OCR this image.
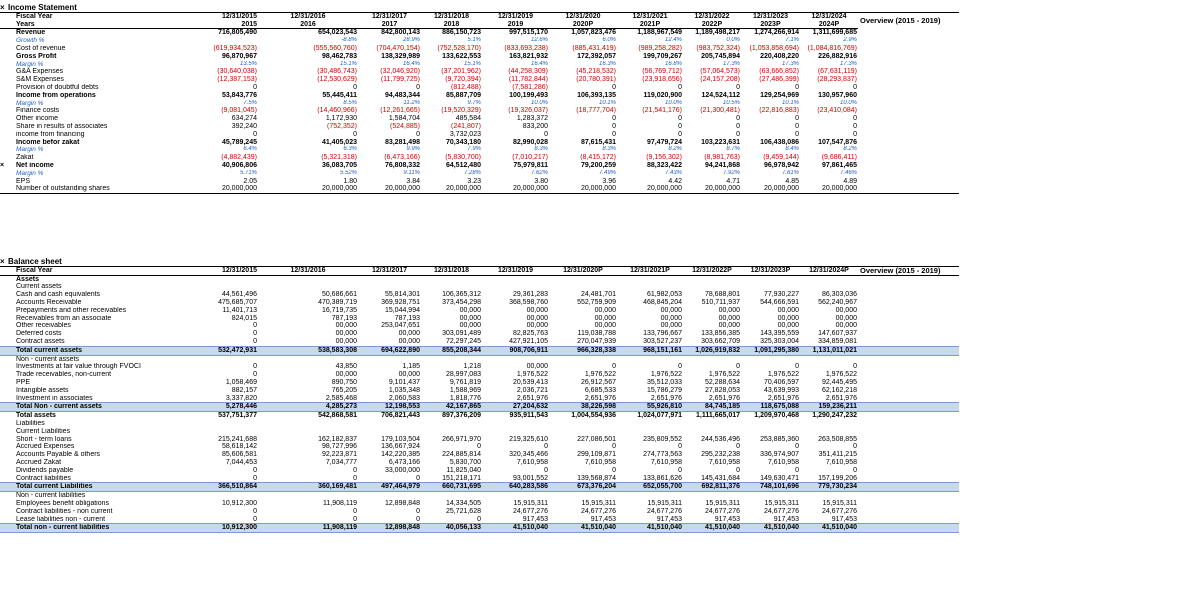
×	Income Statement											
	Fiscal Year	12/31/2015	12/31/2016	12/31/2017	12/31/2018	12/31/2019	12/31/2020	12/31/2021	12/31/2022	12/31/2023	12/31/2024	Overview (2015 - 2019)
	Years	2015	2016	2017	2018	2019	2020P	2021P	2022P	2023P	2024P	
	Revenue	716,805,490	654,023,543	842,800,143	886,150,723	997,515,170	1,057,823,476	1,188,967,549	1,189,498,217	1,274,266,914	1,311,699,685	
	Growth %		-8.8%	28.9%	5.1%	12.6%	6.0%	12.4%	0.0%	7.1%	2.9%	
	Cost of revenue	(619,934,523)	(555,560,760)	(704,470,154)	(752,528,170)	(833,693,238)	(885,431,419)	(989,258,282)	(983,752,324)	(1,053,858,694)	(1,084,816,769)	
	Gross Profit	96,870,967	98,462,783	138,329,989	133,622,553	163,821,932	172,392,057	199,709,267	205,745,894	220,408,220	226,882,916	
	Margin %	13.5%	15.1%	16.4%	15.1%	16.4%	16.3%	16.8%	17.3%	17.3%	17.3%	
	G&A Expenses	(30,640,038)	(30,486,743)	(32,046,920)	(37,201,962)	(44,258,309)	(45,218,532)	(56,769,712)	(57,064,573)	(63,666,852)	(67,631,119)	
	S&M Expenses	(12,387,153)	(12,530,629)	(11,799,725)	(9,720,394)	(11,782,844)	(20,780,391)	(23,918,656)	(24,157,208)	(27,486,399)	(28,293,837)	
	Provision of doubtful debts	0	0	0	(812,488)	(7,581,286)	0	0	0	0	0	
	Income from operations	53,843,776	55,445,411	94,483,344	85,887,709	100,199,493	106,393,135	119,020,900	124,524,112	129,254,969	130,957,960	
	Margin %	7.5%	8.5%	11.2%	9.7%	10.0%	10.1%	10.0%	10.5%	10.1%	10.0%	
	Finance costs	(9,081,045)	(14,460,966)	(12,261,665)	(19,520,329)	(19,326,037)	(18,777,704)	(21,541,176)	(21,300,481)	(22,816,883)	(23,410,084)	
	Other income	634,274	1,172,930	1,584,704	485,584	1,283,372	0	0	0	0	0	
	Share in results of associates	392,240	(752,352)	(524,885)	(241,807)	833,200	0	0	0	0	0	
	income from financing	0	0	0	3,732,023	0	0	0	0	0	0	
	Income befor zakat	45,789,245	41,405,023	83,281,498	70,343,180	82,990,028	87,615,431	97,479,724	103,223,631	106,438,086	107,547,876	
	Margin %	6.4%	6.3%	9.9%	7.9%	8.3%	8.3%	8.2%	8.7%	8.4%	8.2%	
	Zakat	(4,882,439)	(5,321,318)	(6,473,166)	(5,830,700)	(7,010,217)	(8,415,172)	(9,156,302)	(8,981,763)	(9,459,144)	(9,686,411)	
×	Net income	40,906,806	36,083,705	76,808,332	64,512,480	75,979,811	79,200,259	88,323,422	94,241,868	96,978,942	97,861,465	
	Margin %	5.71%	5.52%	9.11%	7.28%	7.62%	7.49%	7.43%	7.92%	7.61%	7.46%	
	EPS	2.05	1.80	3.84	3.23	3.80	3.96	4.42	4.71	4.85	4.89	
	Number of outstanding shares	20,000,000	20,000,000	20,000,000	20,000,000	20,000,000	20,000,000	20,000,000	20,000,000	20,000,000	20,000,000	
×	Balance sheet											
	Fiscal Year	12/31/2015	12/31/2016	12/31/2017	12/31/2018	12/31/2019	12/31/2020P	12/31/2021P	12/31/2022P	12/31/2023P	12/31/2024P	Overview (2015 - 2019)
	Assets											
	Current assets											
	Cash and cash equivalents	44,561,496	50,686,661	55,814,301	106,365,312	29,361,283	24,481,701	61,982,053	78,688,801	77,930,227	86,303,036	
	Accounts Receivable	475,685,707	470,389,719	369,928,751	373,454,298	368,598,760	552,759,909	468,845,204	510,711,937	544,666,591	562,240,967	
	Prepayments and other receivables	11,401,713	16,719,735	15,044,994	00,000	00,000	00,000	00,000	00,000	00,000	00,000	
	Receivables from an associate	824,015	787,193	787,193	00,000	00,000	00,000	00,000	00,000	00,000	00,000	
	Other receivables	0	00,000	253,047,651	00,000	00,000	00,000	00,000	00,000	00,000	00,000	
	Deferred costs	0	00,000	00,000	303,091,489	82,825,763	119,038,788	133,796,667	133,856,385	143,395,559	147,607,937	
	Contract assets	0	00,000	00,000	72,297,245	427,921,105	270,047,939	303,527,237	303,662,709	325,303,004	334,859,081	
	Total current assets	532,472,931	538,583,308	694,622,890	855,208,344	908,706,911	966,328,338	968,151,161	1,026,919,832	1,091,295,380	1,131,011,021	
	Non - current assets											
	Investments at fair value through FVOCI	0	43,850	1,185	1,218	00,000	0	0	0	0	0	
	Trade receivables, non-current	0	00,000	00,000	28,997,083	1,976,522	1,976,522	1,976,522	1,976,522	1,976,522	1,976,522	
	PPE	1,058,469	890,750	9,101,437	9,761,819	20,539,413	26,912,567	35,512,033	52,288,634	70,406,597	92,445,495	
	Intangible assets	882,157	765,205	1,035,348	1,588,969	2,036,721	6,685,533	15,786,279	27,828,053	43,639,993	62,162,218	
	Investment in associates	3,337,820	2,585,468	2,060,583	1,818,776	2,651,976	2,651,976	2,651,976	2,651,976	2,651,976	2,651,976	
	Total Non - current assets	5,278,446	4,285,273	12,198,553	42,167,865	27,204,632	38,226,598	55,926,810	84,745,185	118,675,088	159,236,211	
	Total assets	537,751,377	542,868,581	706,821,443	897,376,209	935,911,543	1,004,554,936	1,024,077,971	1,111,665,017	1,209,970,468	1,290,247,232	
	Liabilities											
	Current Liabilities											
	Short - term loans	215,241,688	162,182,837	179,103,504	266,971,970	219,325,610	227,086,501	235,809,552	244,536,496	253,885,360	263,508,855	
	Accrued Expenses	58,618,142	98,727,996	136,667,924	0	0	0	0	0	0	0	
	Accounts Payable & others	85,606,581	92,223,871	142,220,385	224,885,814	320,345,466	299,109,871	274,773,563	295,232,238	336,974,907	351,411,215	
	Accrued Zakat	7,044,453	7,034,777	6,473,166	5,830,700	7,610,958	7,610,958	7,610,958	7,610,958	7,610,958	7,610,958	
	Dividends payable	0	0	33,000,000	11,825,040	0	0	0	0	0	0	
	Contract liabilities	0	0	0	151,218,171	93,001,552	139,568,874	133,861,626	145,431,684	149,630,471	157,199,206	
	Total current Liabilities	366,510,864	360,169,481	497,464,979	660,731,695	640,283,586	673,376,204	652,055,700	692,811,376	748,101,696	779,730,234	
	Non - current liabilities											
	Employees benefit obligations	10,912,300	11,908,119	12,898,848	14,334,505	15,915,311	15,915,311	15,915,311	15,915,311	15,915,311	15,915,311	
	Contract liabilities - non current	0	0	0	25,721,628	24,677,276	24,677,276	24,677,276	24,677,276	24,677,276	24,677,276	
	Lease liabilities non - current	0	0	0	0	917,453	917,453	917,453	917,453	917,453	917,453	
	Total non - current liabilities	10,912,300	11,908,119	12,898,848	40,056,133	41,510,040	41,510,040	41,510,040	41,510,040	41,510,040	41,510,040	
